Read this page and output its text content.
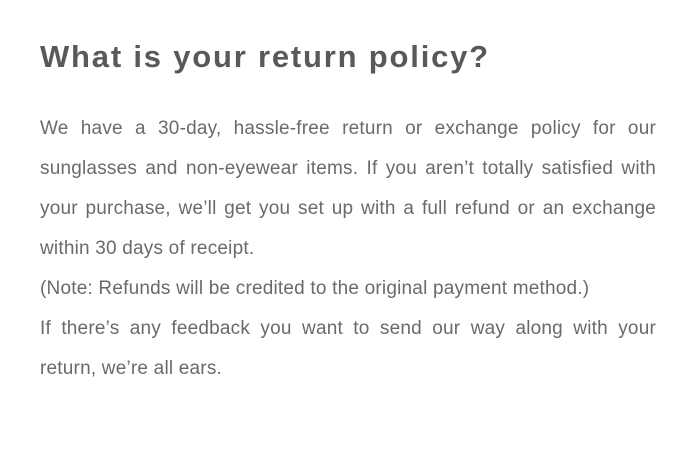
What is your return policy?

We have a 30-day, hassle-free return or exchange policy for our sunglasses and non-eyewear items. If you aren’t totally satisfied with your purchase, we’ll get you set up with a full refund or an exchange within 30 days of receipt.

(Note: Refunds will be credited to the original payment method.)

If there’s any feedback you want to send our way along with your return, we’re all ears.
